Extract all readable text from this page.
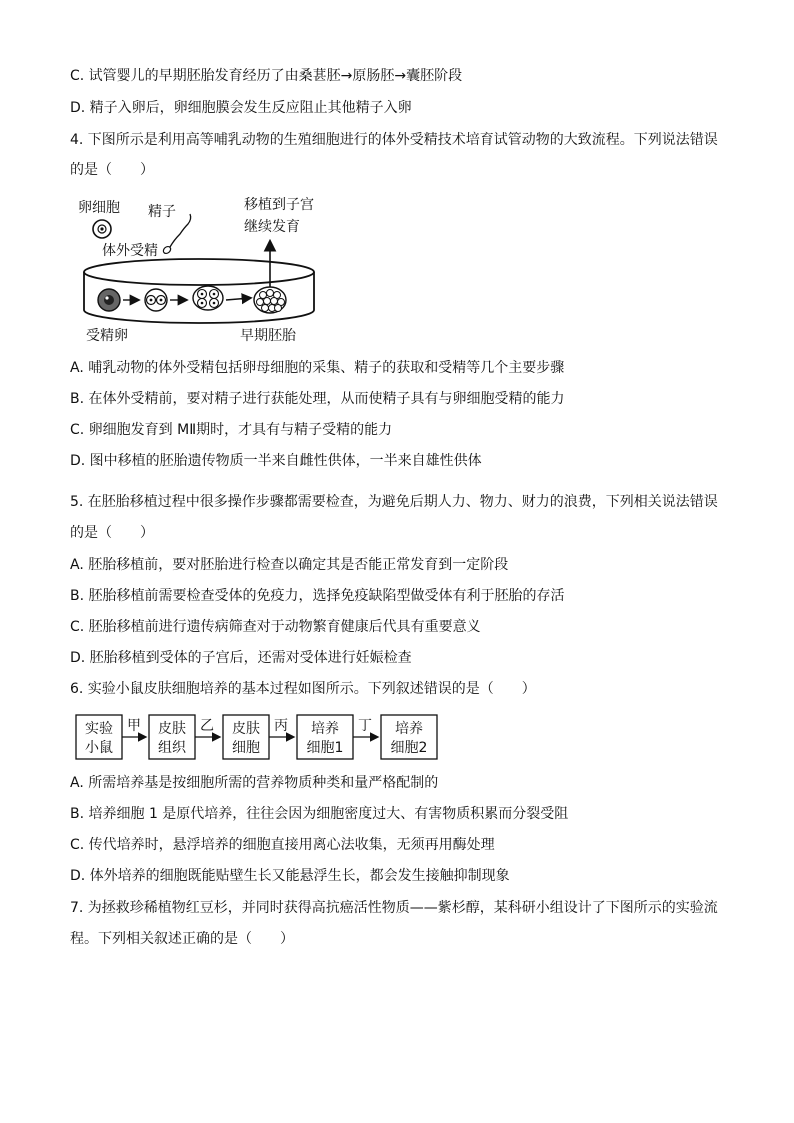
C. 试管婴儿的早期胚胎发育经历了由桑葚胚→原肠胚→囊胚阶段
D. 精子入卵后，卵细胞膜会发生反应阻止其他精子入卵
4. 下图所示是利用高等哺乳动物的生殖细胞进行的体外受精技术培育试管动物的大致流程。下列说法错误
的是（　　）
卵细胞 精子
体外受精
移植到子宫
继续发育
受精卵	早期胚胎
A. 哺乳动物的体外受精包括卵母细胞的采集、精子的获取和受精等几个主要步骤
B. 在体外受精前，要对精子进行获能处理，从而使精子具有与卵细胞受精的能力
C. 卵细胞发育到 MⅡ期时，才具有与精子受精的能力
D. 图中移植的胚胎遗传物质一半来自雌性供体，一半来自雄性供体
5. 在胚胎移植过程中很多操作步骤都需要检查，为避免后期人力、物力、财力的浪费，下列相关说法错误
的是（　　）
A. 胚胎移植前，要对胚胎进行检查以确定其是否能正常发育到一定阶段
B. 胚胎移植前需要检查受体的免疫力，选择免疫缺陷型做受体有利于胚胎的存活
C. 胚胎移植前进行遗传病筛查对于动物繁育健康后代具有重要意义
D. 胚胎移植到受体的子宫后，还需对受体进行妊娠检查
6. 实验小鼠皮肤细胞培养的基本过程如图所示。下列叙述错误的是（　　）
实验
小鼠
甲 皮肤
组织
乙 皮肤
细胞
丙 培养
细胞1
丁 培养
细胞2
A. 所需培养基是按细胞所需的营养物质种类和量严格配制的
B. 培养细胞 1 是原代培养，往往会因为细胞密度过大、有害物质积累而分裂受阻
C. 传代培养时，悬浮培养的细胞直接用离心法收集，无须再用酶处理
D. 体外培养的细胞既能贴壁生长又能悬浮生长，都会发生接触抑制现象
7. 为拯救珍稀植物红豆杉，并同时获得高抗癌活性物质——紫杉醇，某科研小组设计了下图所示的实验流
程。下列相关叙述正确的是（　　）
